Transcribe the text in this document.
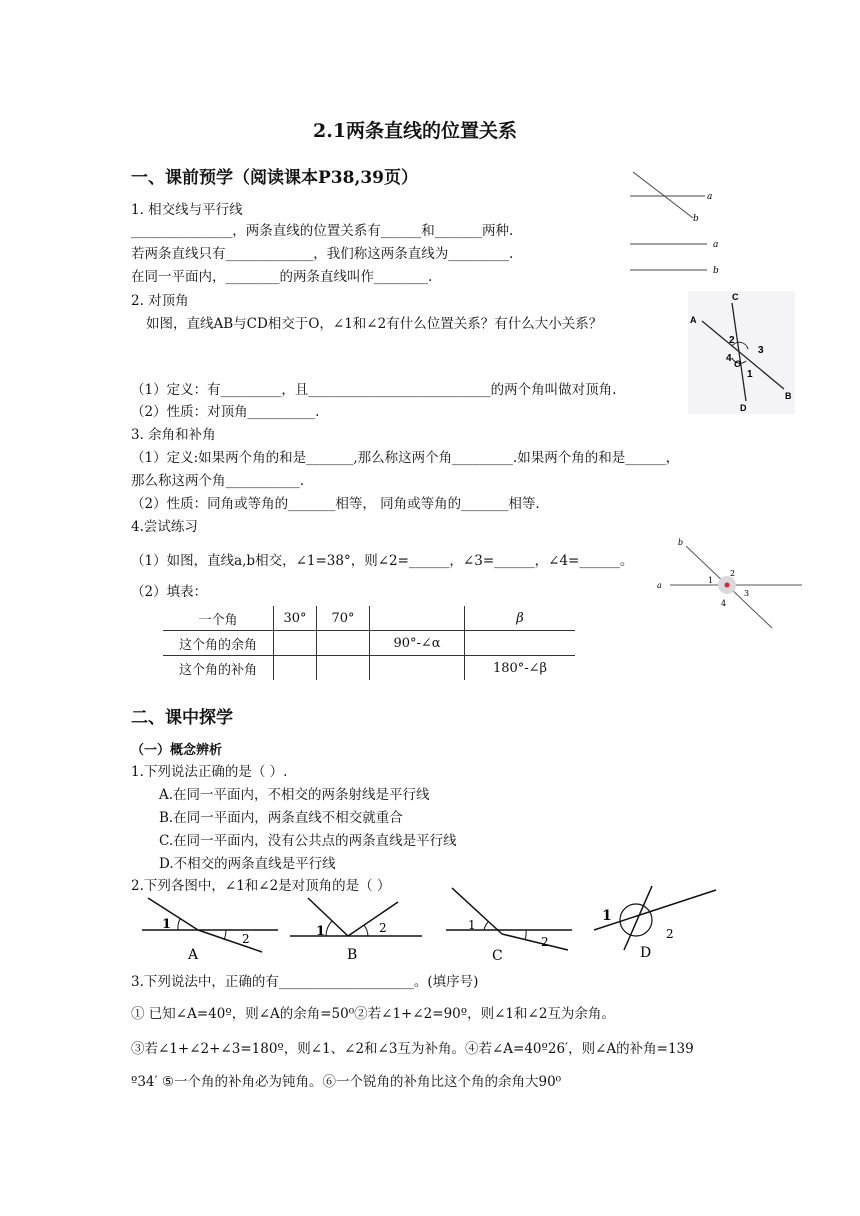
2.1两条直线的位置关系
一、课前预学（阅读课本P38,39页）
1. 相交线与平行线
_______________，两条直线的位置关系有______和_______两种.
若两条直线只有_____________，我们称这两条直线为_________.
在同一平面内，________的两条直线叫作________.
a
b
a
b
2. 对顶角
如图，直线AB与CD相交于O，∠1和∠2有什么位置关系？有什么大小关系？
C
A
B
D
2
3
4
1
O
（1）定义：有_________，且___________________________的两个角叫做对顶角.
（2）性质：对顶角__________.
3. 余角和补角
（1）定义:如果两个角的和是_______,那么称这两个角_________.如果两个角的和是______，
那么称这两个角___________.
（2）性质：同角或等角的_______相等， 同角或等角的_______相等.
4.尝试练习
（1）如图，直线a,b相交，∠1=38°，则∠2=______，∠3=______，∠4=______。
（2）填表：	a
b
1
2
3
4
一个角	30°	70°		β
这个角的余角			90°-∠α	
这个角的补角				180°-∠β
二、课中探学
（一）概念辨析
1.下列说法正确的是（ ）.
A.在同一平面内，不相交的两条射线是平行线
B.在同一平面内，两条直线不相交就重合
C.在同一平面内，没有公共点的两条直线是平行线
D.不相交的两条直线是平行线
2.下列各图中，∠1和∠2是对顶角的是（ ）
1
2
A
1	2
B
1
2
C
1
2
D
3.下列说法中，正确的有____________________。(填序号)
① 已知∠A=40º，则∠A的余角=50⁰②若∠1+∠2=90º，则∠1和∠2互为余角。
③若∠1+∠2+∠3=180º，则∠1、∠2和∠3互为补角。④若∠A=40º26′，则∠A的补角=139
º34′ ⑤一个角的补角必为钝角。⑥一个锐角的补角比这个角的余角大90⁰
